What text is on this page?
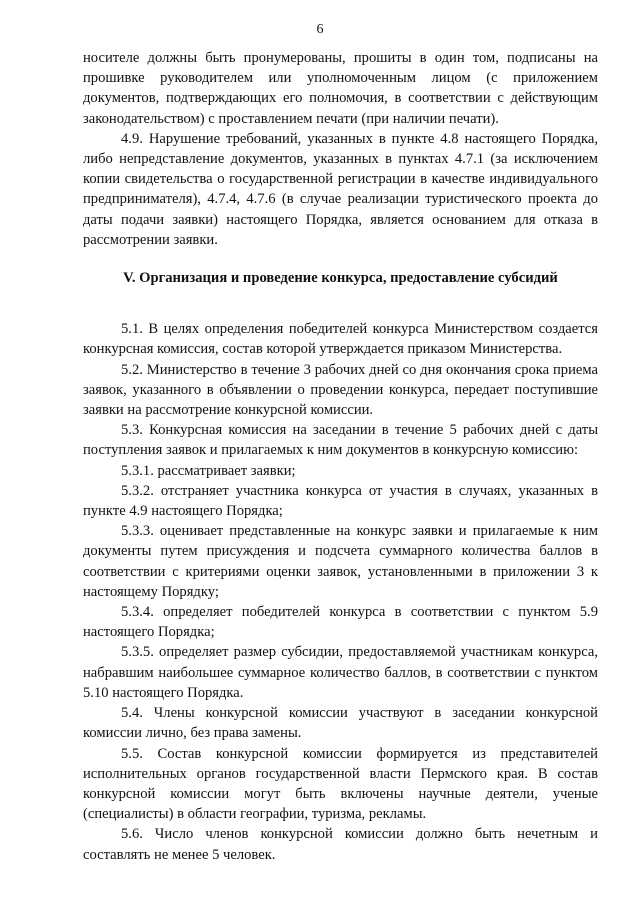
6

носителе должны быть пронумерованы, прошиты в один том, подписаны на прошивке руководителем или уполномоченным лицом (с приложением документов, подтверждающих его полномочия, в соответствии с действующим законодательством) с проставлением печати (при наличии печати).

4.9. Нарушение требований, указанных в пункте 4.8 настоящего Порядка, либо непредставление документов, указанных в пунктах 4.7.1 (за исключением копии свидетельства о государственной регистрации в качестве индивидуального предпринимателя), 4.7.4, 4.7.6 (в случае реализации туристического проекта до даты подачи заявки) настоящего Порядка, является основанием для отказа в рассмотрении заявки.

V. Организация и проведение конкурса, предоставление субсидий

5.1. В целях определения победителей конкурса Министерством создается конкурсная комиссия, состав которой утверждается приказом Министерства.

5.2. Министерство в течение 3 рабочих дней со дня окончания срока приема заявок, указанного в объявлении о проведении конкурса, передает поступившие заявки на рассмотрение конкурсной комиссии.

5.3. Конкурсная комиссия на заседании в течение 5 рабочих дней с даты поступления заявок и прилагаемых к ним документов в конкурсную комиссию:

5.3.1. рассматривает заявки;

5.3.2. отстраняет участника конкурса от участия в случаях, указанных в пункте 4.9 настоящего Порядка;

5.3.3. оценивает представленные на конкурс заявки и прилагаемые к ним документы путем присуждения и подсчета суммарного количества баллов в соответствии с критериями оценки заявок, установленными в приложении 3 к настоящему Порядку;

5.3.4. определяет победителей конкурса в соответствии с пунктом 5.9 настоящего Порядка;

5.3.5. определяет размер субсидии, предоставляемой участникам конкурса, набравшим наибольшее суммарное количество баллов, в соответствии с пунктом 5.10 настоящего Порядка.

5.4. Члены конкурсной комиссии участвуют в заседании конкурсной комиссии лично, без права замены.

5.5. Состав конкурсной комиссии формируется из представителей исполнительных органов государственной власти Пермского края. В состав конкурсной комиссии могут быть включены научные деятели, ученые (специалисты) в области географии, туризма, рекламы.

5.6. Число членов конкурсной комиссии должно быть нечетным и составлять не менее 5 человек.
